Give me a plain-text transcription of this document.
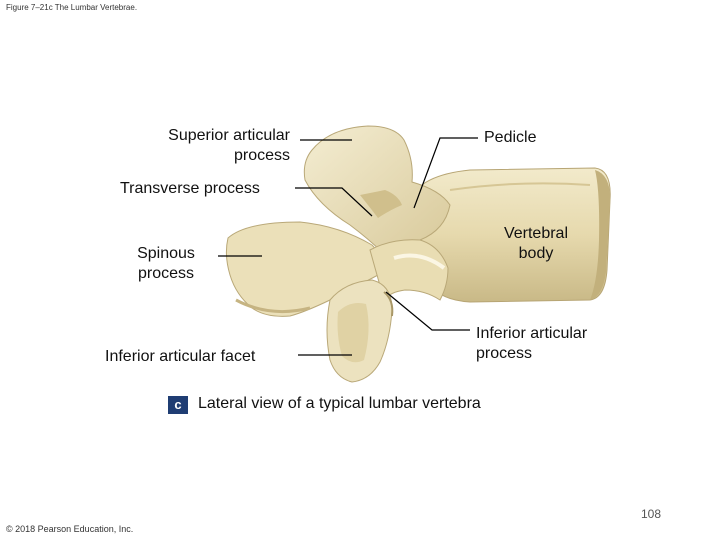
Figure 7–21c The Lumbar Vertebrae.
Superior articular
process
Pedicle
Transverse process
Vertebral
body
Spinous
process
Inferior articular
process
Inferior articular facet
c	Lateral view of a typical lumbar vertebra
108
© 2018 Pearson Education, Inc.
